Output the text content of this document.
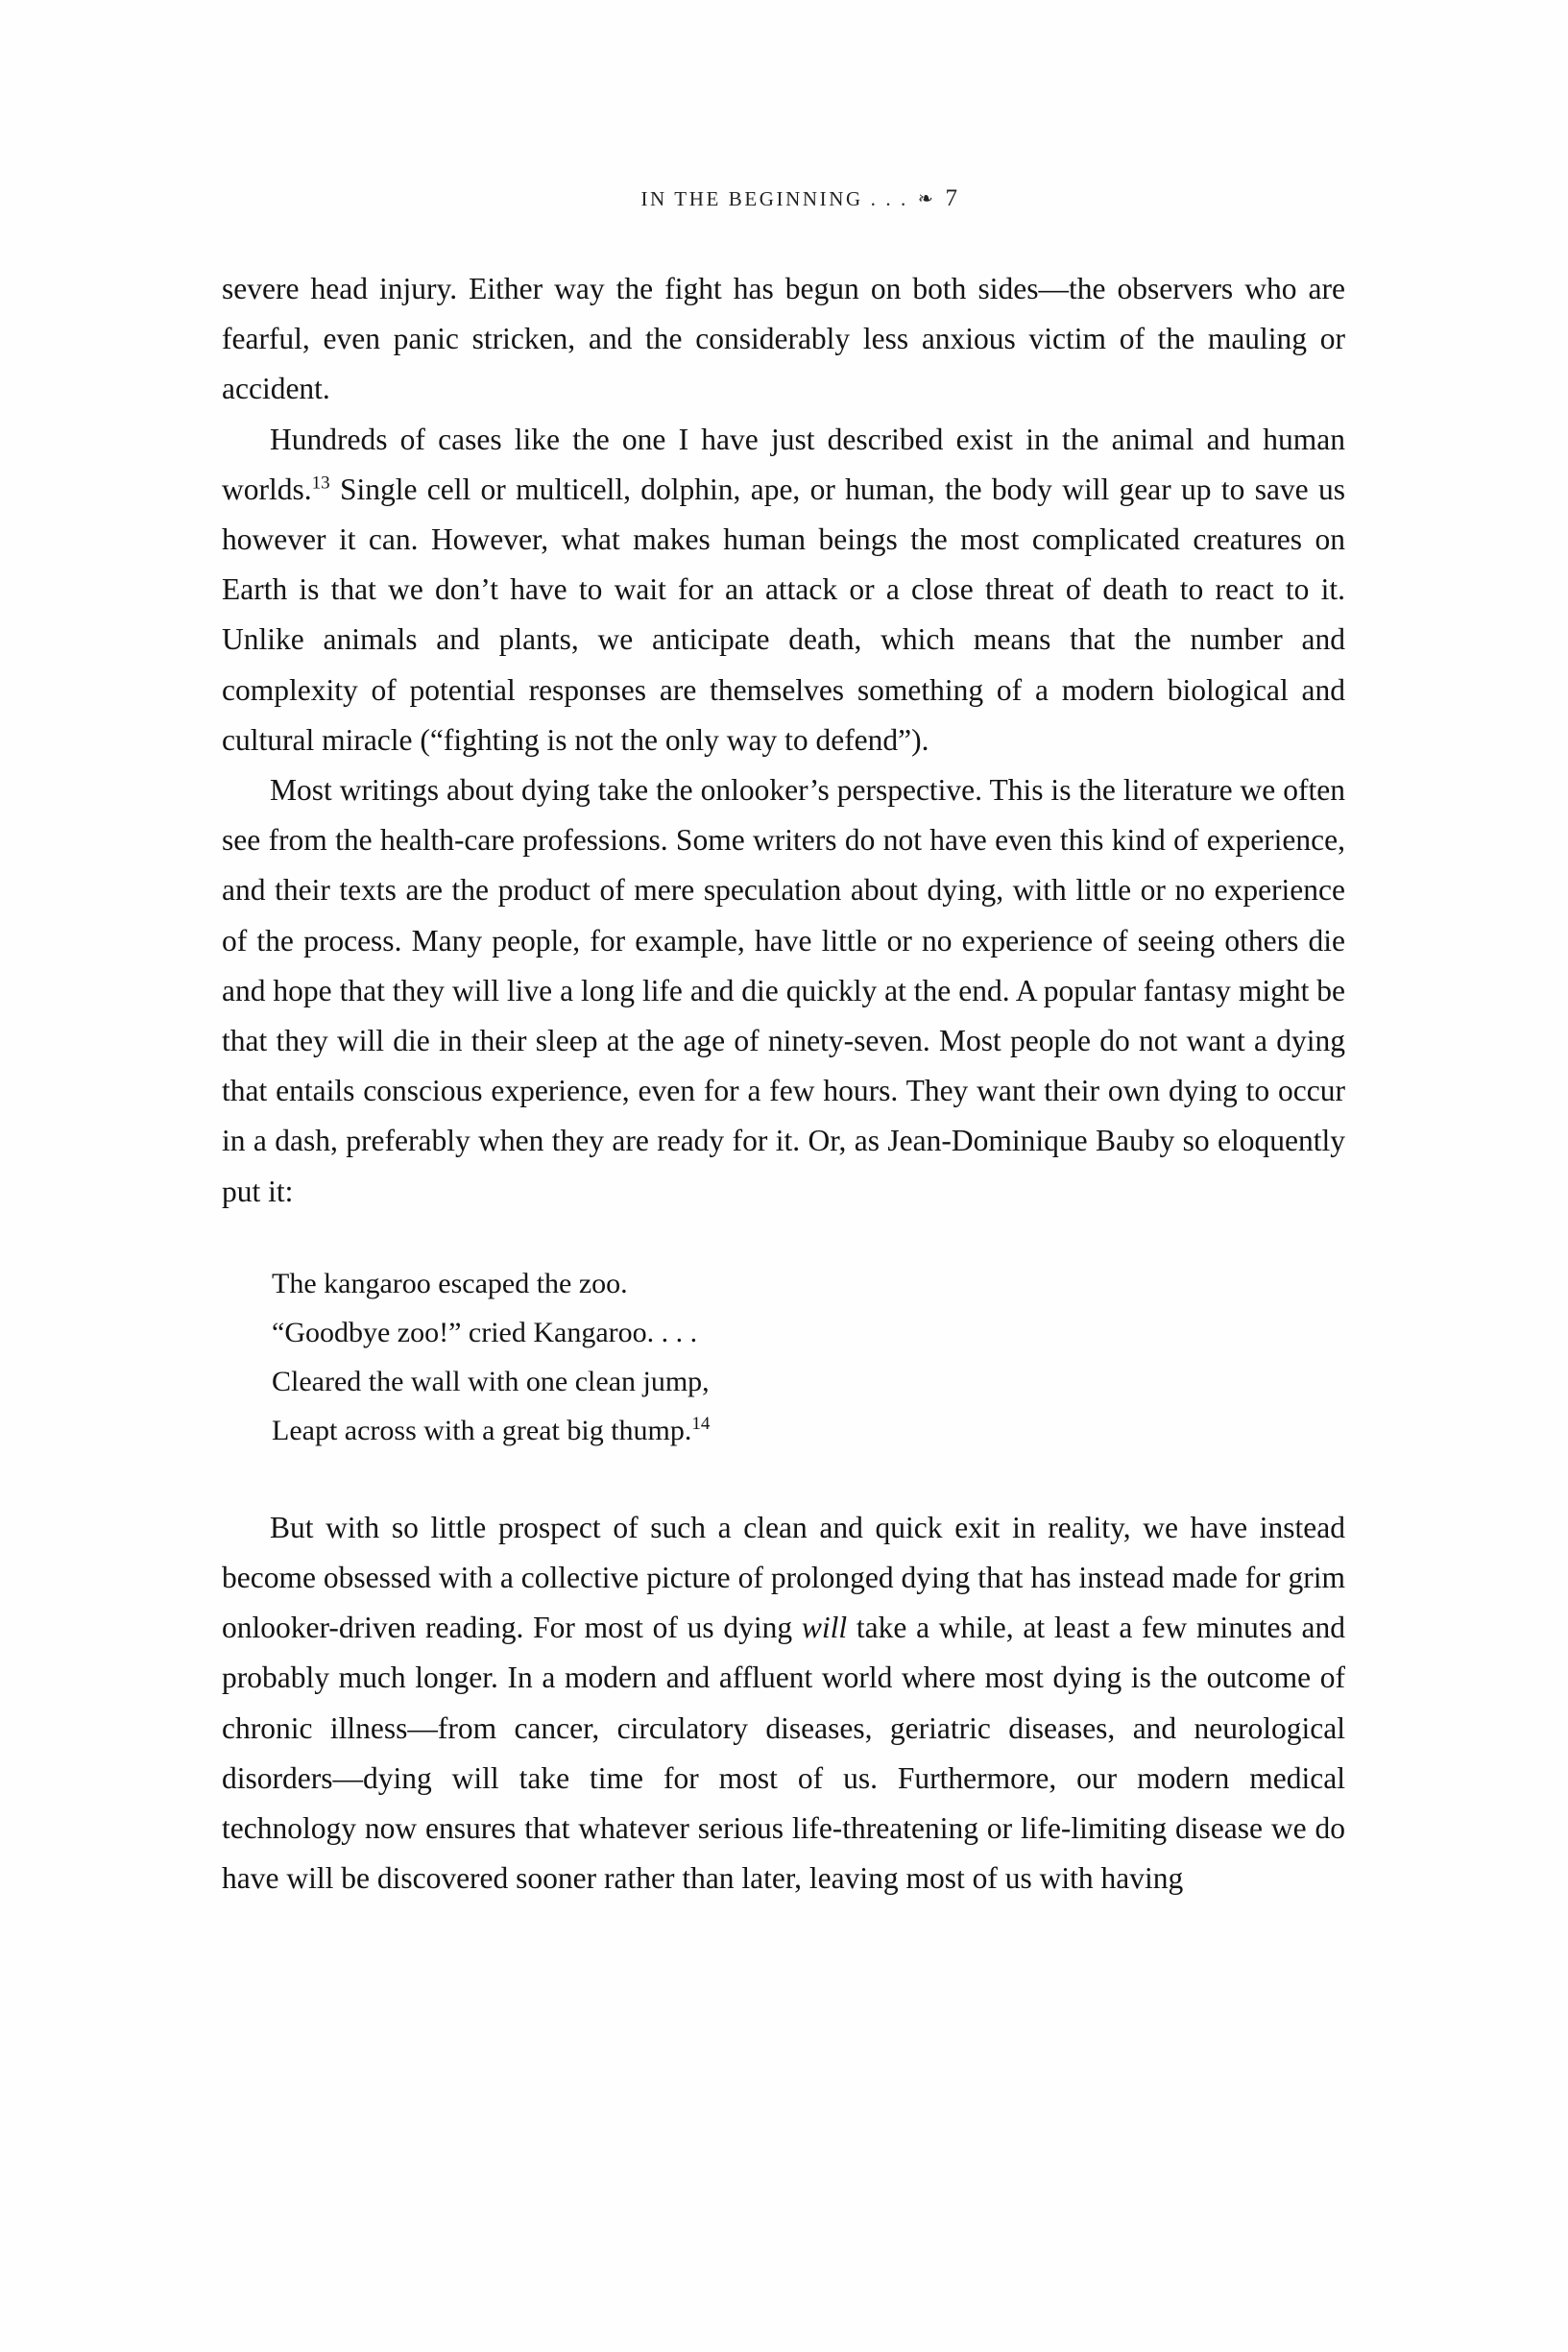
IN THE BEGINNING . . . ❧ 7

severe head injury. Either way the fight has begun on both sides—the observers who are fearful, even panic stricken, and the considerably less anxious victim of the mauling or accident.

Hundreds of cases like the one I have just described exist in the animal and human worlds.$^{13}$ Single cell or multicell, dolphin, ape, or human, the body will gear up to save us however it can. However, what makes human beings the most complicated creatures on Earth is that we don’t have to wait for an attack or a close threat of death to react to it. Unlike animals and plants, we anticipate death, which means that the number and complexity of potential responses are themselves something of a modern biological and cultural miracle (“fighting is not the only way to defend”).

Most writings about dying take the onlooker’s perspective. This is the literature we often see from the health-care professions. Some writers do not have even this kind of experience, and their texts are the product of mere speculation about dying, with little or no experience of the process. Many people, for example, have little or no experience of seeing others die and hope that they will live a long life and die quickly at the end. A popular fantasy might be that they will die in their sleep at the age of ninety-seven. Most people do not want a dying that entails conscious experience, even for a few hours. They want their own dying to occur in a dash, preferably when they are ready for it. Or, as Jean-Dominique Bauby so eloquently put it:

The kangaroo escaped the zoo.
“Goodbye zoo!” cried Kangaroo. . . .
Cleared the wall with one clean jump,
Leapt across with a great big thump.$^{14}$

But with so little prospect of such a clean and quick exit in reality, we have instead become obsessed with a collective picture of prolonged dying that has instead made for grim onlooker-driven reading. For most of us dying will take a while, at least a few minutes and probably much longer. In a modern and affluent world where most dying is the outcome of chronic illness—from cancer, circulatory diseases, geriatric diseases, and neurological disorders—dying will take time for most of us. Furthermore, our modern medical technology now ensures that whatever serious life-threatening or life-limiting disease we do have will be discovered sooner rather than later, leaving most of us with having
